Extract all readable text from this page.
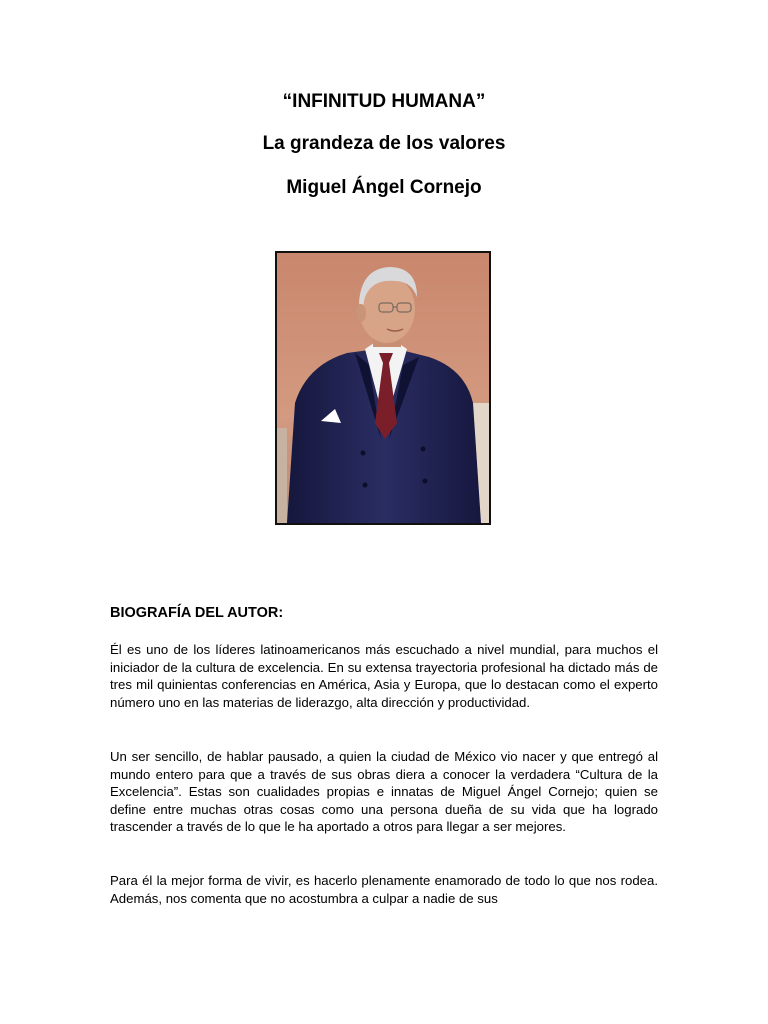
“INFINITUD HUMANA”
La grandeza de los valores
Miguel Ángel Cornejo
BIOGRAFÍA DEL AUTOR:

Él es uno de los líderes latinoamericanos más escuchado a nivel mundial, para muchos el iniciador de la cultura de excelencia. En su extensa trayectoria profesional ha dictado más de tres mil quinientas conferencias en América, Asia y Europa, que lo destacan como el experto número uno en las materias de liderazgo, alta dirección y productividad.

Un ser sencillo, de hablar pausado, a quien la ciudad de México vio nacer y que entregó al mundo entero para que a través de sus obras diera a conocer la verdadera “Cultura de la Excelencia”. Estas son cualidades propias e innatas de Miguel Ángel Cornejo; quien se define entre muchas otras cosas como una persona dueña de su vida que ha logrado trascender a través de lo que le ha aportado a otros para llegar a ser mejores.

Para él la mejor forma de vivir, es hacerlo plenamente enamorado de todo lo que nos rodea. Además, nos comenta que no acostumbra a culpar a nadie de sus
